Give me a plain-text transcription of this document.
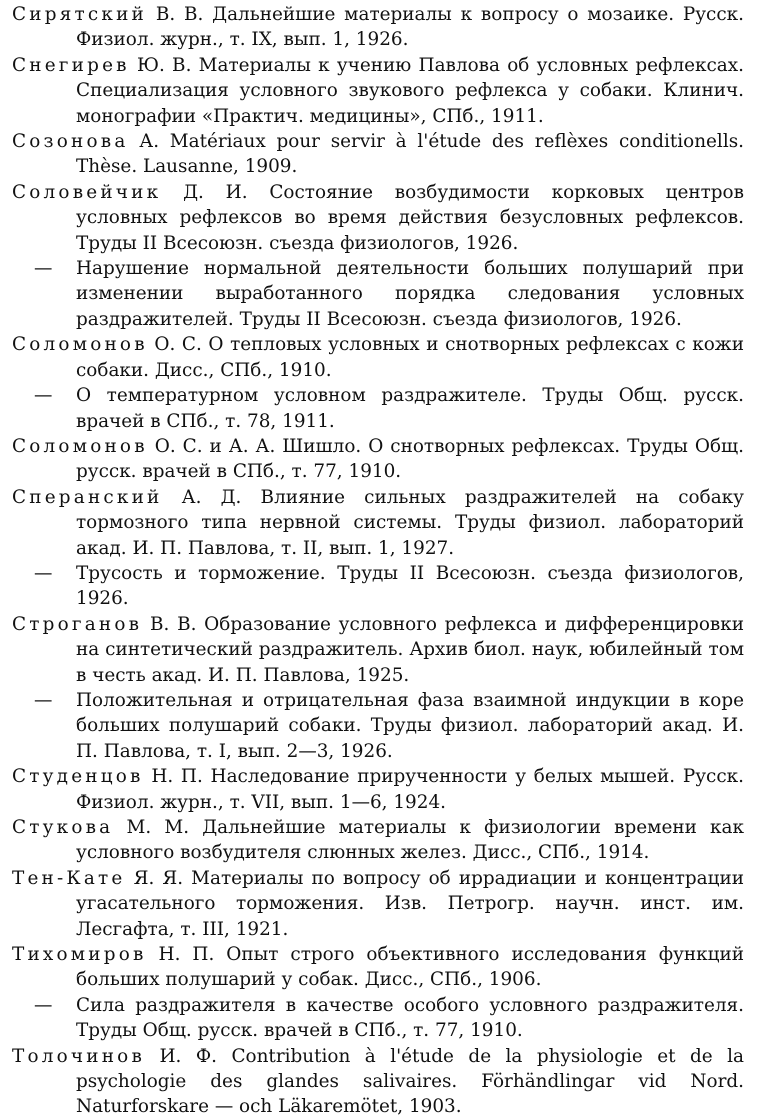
Сирятский В. В. Дальнейшие материалы к вопросу о мозаике. Русск. Физиол. журн., т. IX, вып. 1, 1926.
Снегирев Ю. В. Материалы к учению Павлова об условных рефлексах. Специализация условного звукового рефлекса у собаки. Клинич. монографии «Практич. медицины», СПб., 1911.
Созонова А. Matériaux pour servir à l'étude des reflèxes conditionells. Thèse. Lausanne, 1909.
Соловейчик Д. И. Состояние возбудимости корковых центров условных рефлексов во время действия безусловных рефлексов. Труды II Всесоюзн. съезда физиологов, 1926.
— Нарушение нормальной деятельности больших полушарий при изменении выработанного порядка следования условных раздражителей. Труды II Всесоюзн. съезда физиологов, 1926.
Соломонов О. С. О тепловых условных и снотворных рефлексах с кожи собаки. Дисс., СПб., 1910.
— О температурном условном раздражителе. Труды Общ. русск. врачей в СПб., т. 78, 1911.
Соломонов О. С. и А. А. Шишло. О снотворных рефлексах. Труды Общ. русск. врачей в СПб., т. 77, 1910.
Сперанский А. Д. Влияние сильных раздражителей на собаку тормозного типа нервной системы. Труды физиол. лабораторий акад. И. П. Павлова, т. II, вып. 1, 1927.
— Трусость и торможение. Труды II Всесоюзн. съезда физиологов, 1926.
Строганов В. В. Образование условного рефлекса и дифференцировки на синтетический раздражитель. Архив биол. наук, юбилейный том в честь акад. И. П. Павлова, 1925.
— Положительная и отрицательная фаза взаимной индукции в коре больших полушарий собаки. Труды физиол. лабораторий акад. И. П. Павлова, т. I, вып. 2—3, 1926.
Студенцов Н. П. Наследование прирученности у белых мышей. Русск. Физиол. журн., т. VII, вып. 1—6, 1924.
Стукова М. М. Дальнейшие материалы к физиологии времени как условного возбудителя слюнных желез. Дисс., СПб., 1914.
Тен-Кате Я. Я. Материалы по вопросу об иррадиации и концентрации угасательного торможения. Изв. Петрогр. научн. инст. им. Лесгафта, т. III, 1921.
Тихомиров Н. П. Опыт строго объективного исследования функций больших полушарий у собак. Дисс., СПб., 1906.
— Сила раздражителя в качестве особого условного раздражителя. Труды Общ. русск. врачей в СПб., т. 77, 1910.
Толочинов И. Ф. Contribution à l'étude de la physiologie et de la psychologie des glandes salivaires. Förhändlingar vid Nord. Naturforskare — och Läkaremötet, 1903.
